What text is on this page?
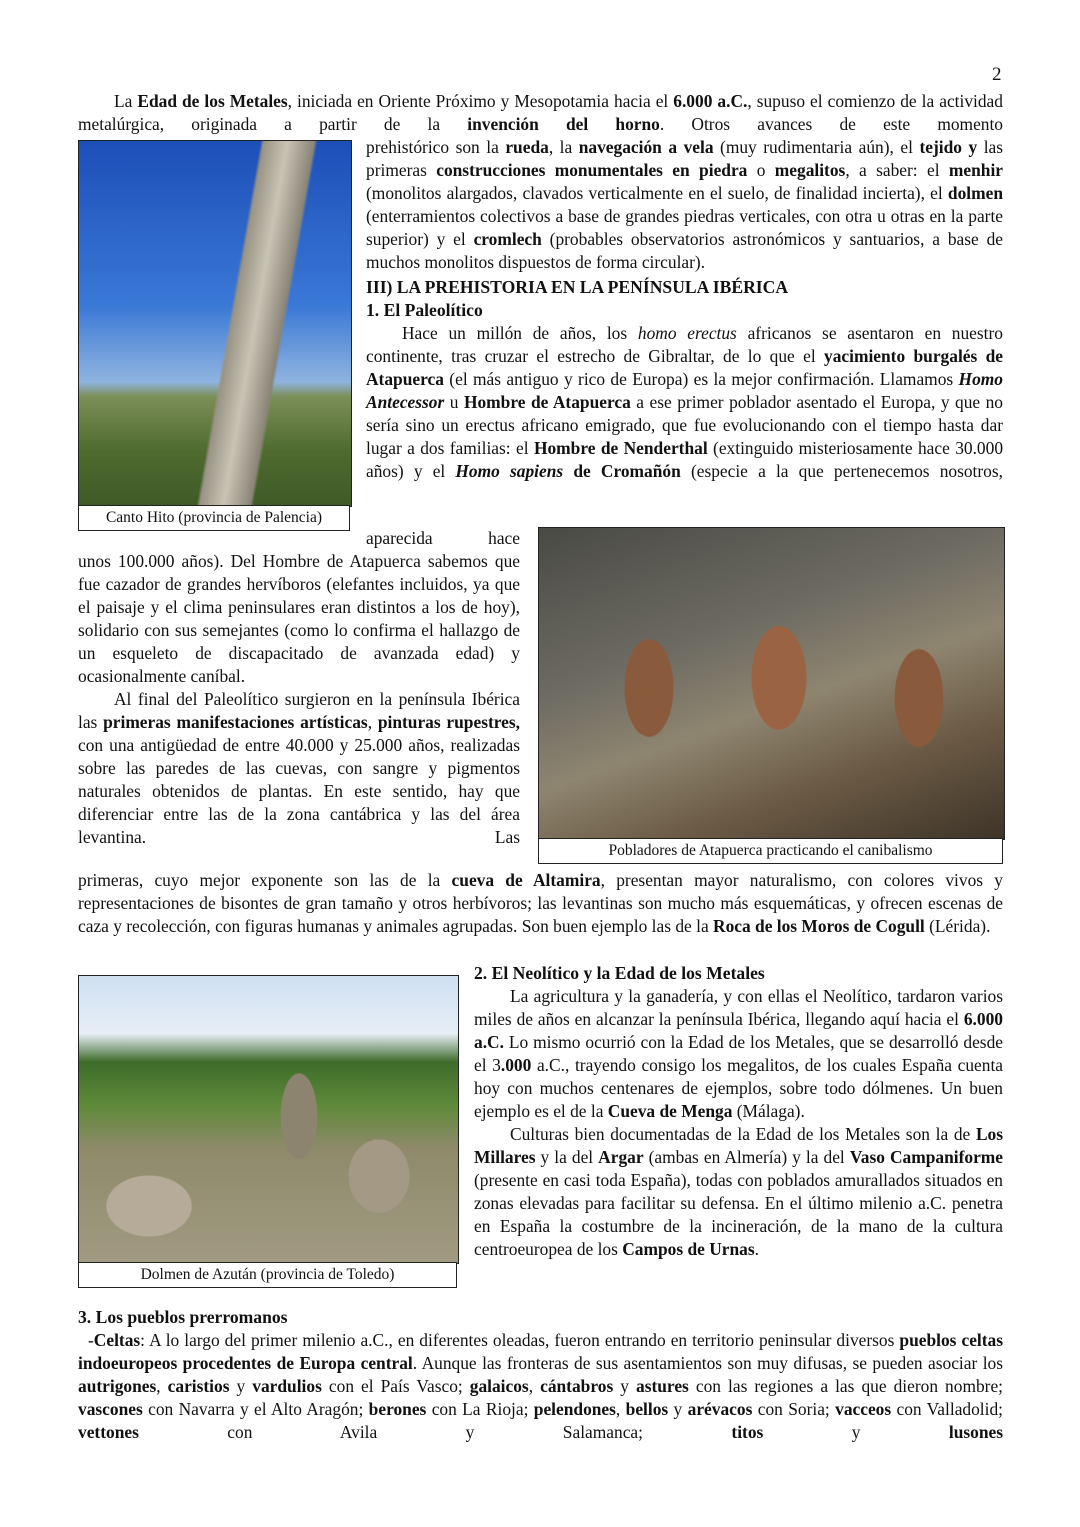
2
Canto Hito (provincia de Palencia)
Pobladores de Atapuerca practicando el canibalismo
Dolmen de Azután (provincia de Toledo)

La Edad de los Metales, iniciada en Oriente Próximo y Mesopotamia hacia el 6.000 a.C., supuso el comienzo de la actividad metalúrgica, originada a partir de la invención del horno. Otros avances de este momento

prehistórico son la rueda, la navegación a vela (muy rudimentaria aún), el tejido y las primeras construcciones monumentales en piedra o megalitos, a saber: el menhir (monolitos alargados, clavados verticalmente en el suelo, de finalidad incierta), el dolmen (enterramientos colectivos a base de grandes piedras verticales, con otra u otras en la parte superior) y el cromlech (probables observatorios astronómicos y santuarios, a base de muchos monolitos dispuestos de forma circular).

III) LA PREHISTORIA EN LA PENÍNSULA IBÉRICA
1. El Paleolítico

Hace un millón de años, los homo erectus africanos se asentaron en nuestro continente, tras cruzar el estrecho de Gibraltar, de lo que el yacimiento burgalés de Atapuerca (el más antiguo y rico de Europa) es la mejor confirmación. Llamamos Homo Antecessor u Hombre de Atapuerca a ese primer poblador asentado el Europa, y que no sería sino un erectus africano emigrado, que fue evolucionando con el tiempo hasta dar lugar a dos familias: el Hombre de Nenderthal (extinguido misteriosamente hace 30.000 años) y el Homo sapiens de Cromañón (especie a la que pertenecemos nosotros,

aparecida hace

unos 100.000 años). Del Hombre de Atapuerca sabemos que fue cazador de grandes hervíboros (elefantes incluidos, ya que el paisaje y el clima peninsulares eran distintos a los de hoy), solidario con sus semejantes (como lo confirma el hallazgo de un esqueleto de discapacitado de avanzada edad) y ocasionalmente caníbal.

Al final del Paleolítico surgieron en la península Ibérica las primeras manifestaciones artísticas, pinturas rupestres, con una antigüedad de entre 40.000 y 25.000 años, realizadas sobre las paredes de las cuevas, con sangre y pigmentos naturales obtenidos de plantas. En este sentido, hay que diferenciar entre las de la zona cantábrica y las del área levantina. Las

primeras, cuyo mejor exponente son las de la cueva de Altamira, presentan mayor naturalismo, con colores vivos y representaciones de bisontes de gran tamaño y otros herbívoros; las levantinas son mucho más esquemáticas, y ofrecen escenas de caza y recolección, con figuras humanas y animales agrupadas. Son buen ejemplo las de la Roca de los Moros de Cogull (Lérida).

2. El Neolítico y la Edad de los Metales

La agricultura y la ganadería, y con ellas el Neolítico, tardaron varios miles de años en alcanzar la península Ibérica, llegando aquí hacia el 6.000 a.C. Lo mismo ocurrió con la Edad de los Metales, que se desarrolló desde el 3.000 a.C., trayendo consigo los megalitos, de los cuales España cuenta hoy con muchos centenares de ejemplos, sobre todo dólmenes. Un buen ejemplo es el de la Cueva de Menga (Málaga).

Culturas bien documentadas de la Edad de los Metales son la de Los Millares y la del Argar (ambas en Almería) y la del Vaso Campaniforme (presente en casi toda España), todas con poblados amurallados situados en zonas elevadas para facilitar su defensa. En el último milenio a.C. penetra en España la costumbre de la incineración, de la mano de la cultura centroeuropea de los Campos de Urnas.

3. Los pueblos prerromanos

-Celtas: A lo largo del primer milenio a.C., en diferentes oleadas, fueron entrando en territorio peninsular diversos pueblos celtas indoeuropeos procedentes de Europa central. Aunque las fronteras de sus asentamientos son muy difusas, se pueden asociar los autrigones, caristios y vardulios con el País Vasco; galaicos, cántabros y astures con las regiones a las que dieron nombre; vascones con Navarra y el Alto Aragón; berones con La Rioja; pelendones, bellos y arévacos con Soria; vacceos con Valladolid; vettones con Avila y Salamanca; titos y lusones
